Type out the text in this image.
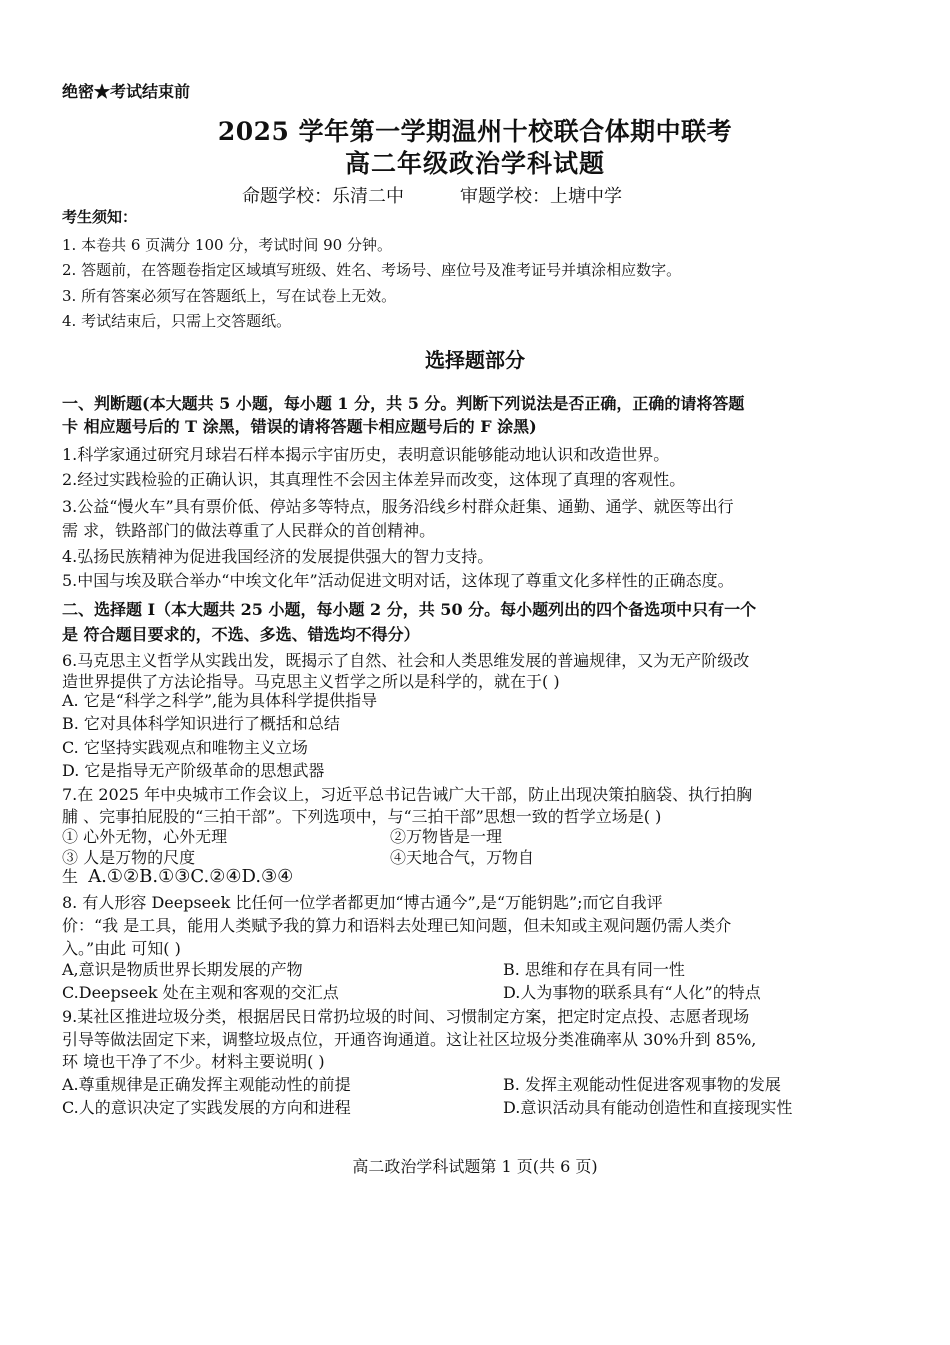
绝密★考试结束前
2025 学年第一学期温州十校联合体期中联考
高二年级政治学科试题
命题学校：乐清二中	审题学校：上塘中学
考生须知：
1. 本卷共 6 页满分 100 分，考试时间 90 分钟。
2. 答题前，在答题卷指定区域填写班级、姓名、考场号、座位号及准考证号并填涂相应数字。
3. 所有答案必须写在答题纸上，写在试卷上无效。
4. 考试结束后，只需上交答题纸。
选择题部分
一、判断题(本大题共 5 小题，每小题 1 分，共 5 分。判断下列说法是否正确，正确的请将答题
卡 相应题号后的 T 涂黑，错误的请将答题卡相应题号后的 F 涂黑)
1.科学家通过研究月球岩石样本揭示宇宙历史，表明意识能够能动地认识和改造世界。
2.经过实践检验的正确认识，其真理性不会因主体差异而改变，这体现了真理的客观性。
3.公益“慢火车”具有票价低、停站多等特点，服务沿线乡村群众赶集、通勤、通学、就医等出行
需 求，铁路部门的做法尊重了人民群众的首创精神。
4.弘扬民族精神为促进我国经济的发展提供强大的智力支持。
5.中国与埃及联合举办“中埃文化年”活动促进文明对话，这体现了尊重文化多样性的正确态度。
二、选择题 I（本大题共 25 小题，每小题 2 分，共 50 分。每小题列出的四个备选项中只有一个
是 符合题目要求的，不选、多选、错选均不得分）
6.马克思主义哲学从实践出发，既揭示了自然、社会和人类思维发展的普遍规律，又为无产阶级改
造世界提供了方法论指导。马克思主义哲学之所以是科学的，就在于( )
A. 它是“科学之科学”,能为具体科学提供指导
B. 它对具体科学知识进行了概括和总结
C. 它坚持实践观点和唯物主义立场
D. 它是指导无产阶级革命的思想武器
7.在 2025 年中央城市工作会议上，习近平总书记告诫广大干部，防止出现决策拍脑袋、执行拍胸
脯 、完事拍屁股的“三拍干部”。下列选项中，与“三拍干部”思想一致的哲学立场是( )
① 心外无物，心外无理	②万物皆是一理
③ 人是万物的尺度	④天地合气，万物自
生 A.①②B.①③C.②④D.③④
8. 有人形容 Deepseek 比任何一位学者都更加“博古通今”,是“万能钥匙”;而它自我评
价：“我 是工具，能用人类赋予我的算力和语料去处理已知问题，但未知或主观问题仍需人类介
入。”由此 可知( )
A,意识是物质世界长期发展的产物	B. 思维和存在具有同一性
C.Deepseek 处在主观和客观的交汇点	D.人为事物的联系具有“人化”的特点
9.某社区推进垃圾分类，根据居民日常扔垃圾的时间、习惯制定方案，把定时定点投、志愿者现场
引导等做法固定下来，调整垃圾点位，开通咨询通道。这让社区垃圾分类准确率从 30%升到 85%,
环 境也干净了不少。材料主要说明( )
A.尊重规律是正确发挥主观能动性的前提	B. 发挥主观能动性促进客观事物的发展
C.人的意识决定了实践发展的方向和进程	D.意识活动具有能动创造性和直接现实性
高二政治学科试题第 1 页(共 6 页)
